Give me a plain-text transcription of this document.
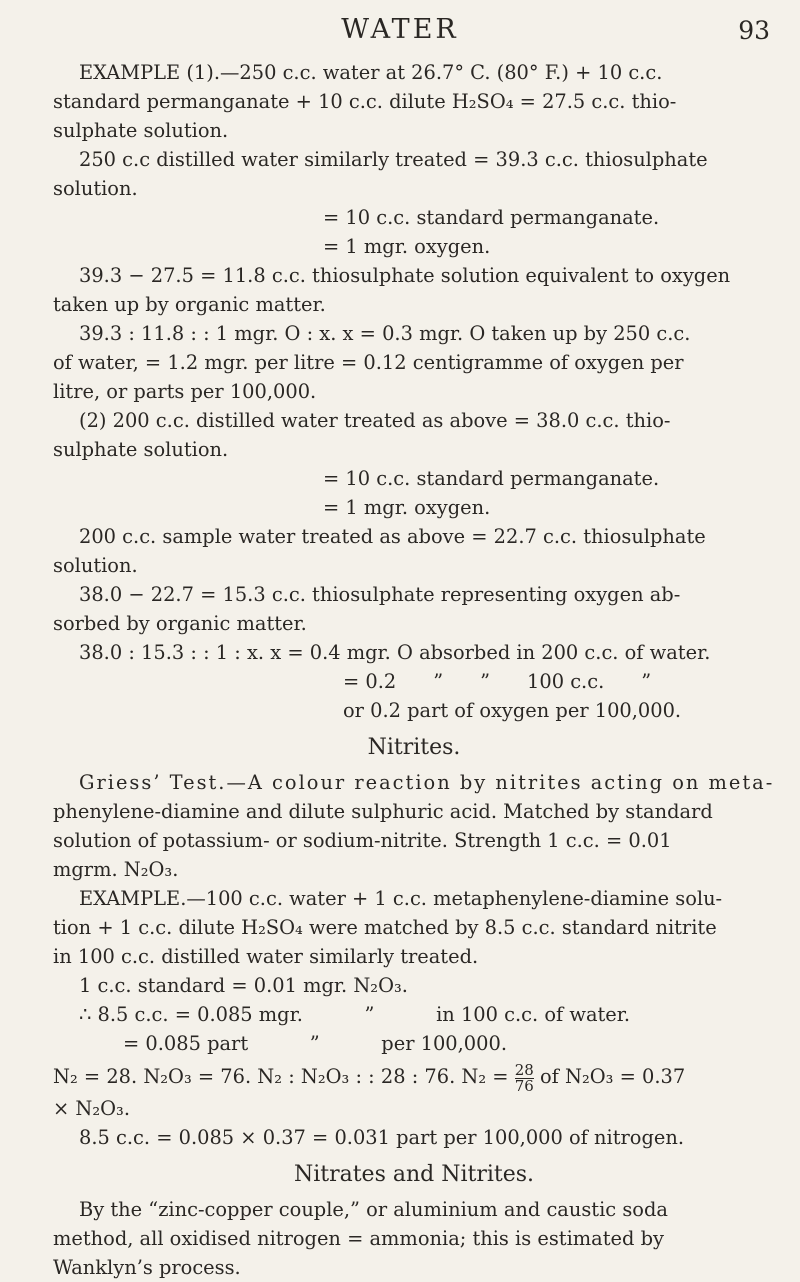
WATER	93

EXAMPLE (1).—250 c.c. water at 26.7° C. (80° F.) + 10 c.c.

standard permanganate + 10 c.c. dilute H₂SO₄ = 27.5 c.c. thio-

sulphate solution.

250 c.c distilled water similarly treated = 39.3 c.c. thiosulphate

solution.

= 10 c.c. standard permanganate.

= 1 mgr. oxygen.

39.3 − 27.5 = 11.8 c.c. thiosulphate solution equivalent to oxygen

taken up by organic matter.

39.3 : 11.8 : : 1 mgr. O : x. x = 0.3 mgr. O taken up by 250 c.c.

of water, = 1.2 mgr. per litre = 0.12 centigramme of oxygen per

litre, or parts per 100,000.

(2) 200 c.c. distilled water treated as above = 38.0 c.c. thio-

sulphate solution.

= 10 c.c. standard permanganate.

= 1 mgr. oxygen.

200 c.c. sample water treated as above = 22.7 c.c. thiosulphate

solution.

38.0 − 22.7 = 15.3 c.c. thiosulphate representing oxygen ab-

sorbed by organic matter.

38.0 : 15.3 : : 1 : x. x = 0.4 mgr. O absorbed in 200 c.c. of water.

= 0.2      ”      ”      100 c.c.      ”

or 0.2 part of oxygen per 100,000.

Nitrites.

Griess’ Test.—A colour reaction by nitrites acting on meta-

phenylene-diamine and dilute sulphuric acid. Matched by standard

solution of potassium- or sodium-nitrite. Strength 1 c.c. = 0.01

mgrm. N₂O₃.

EXAMPLE.—100 c.c. water + 1 c.c. metaphenylene-diamine solu-

tion + 1 c.c. dilute H₂SO₄ were matched by 8.5 c.c. standard nitrite

in 100 c.c. distilled water similarly treated.

1 c.c. standard = 0.01 mgr. N₂O₃.

∴ 8.5 c.c. = 0.085 mgr.          ”          in 100 c.c. of water.

= 0.085 part          ”          per 100,000.

N₂ = 28. N₂O₃ = 76. N₂ : N₂O₃ : : 28 : 76. $N_2 = \frac{28}{76}$ of N₂O₃ = 0.37

× N₂O₃.

8.5 c.c. = 0.085 × 0.37 = 0.031 part per 100,000 of nitrogen.

Nitrates and Nitrites.

By the “zinc-copper couple,” or aluminium and caustic soda

method, all oxidised nitrogen = ammonia; this is estimated by

Wanklyn’s process.
